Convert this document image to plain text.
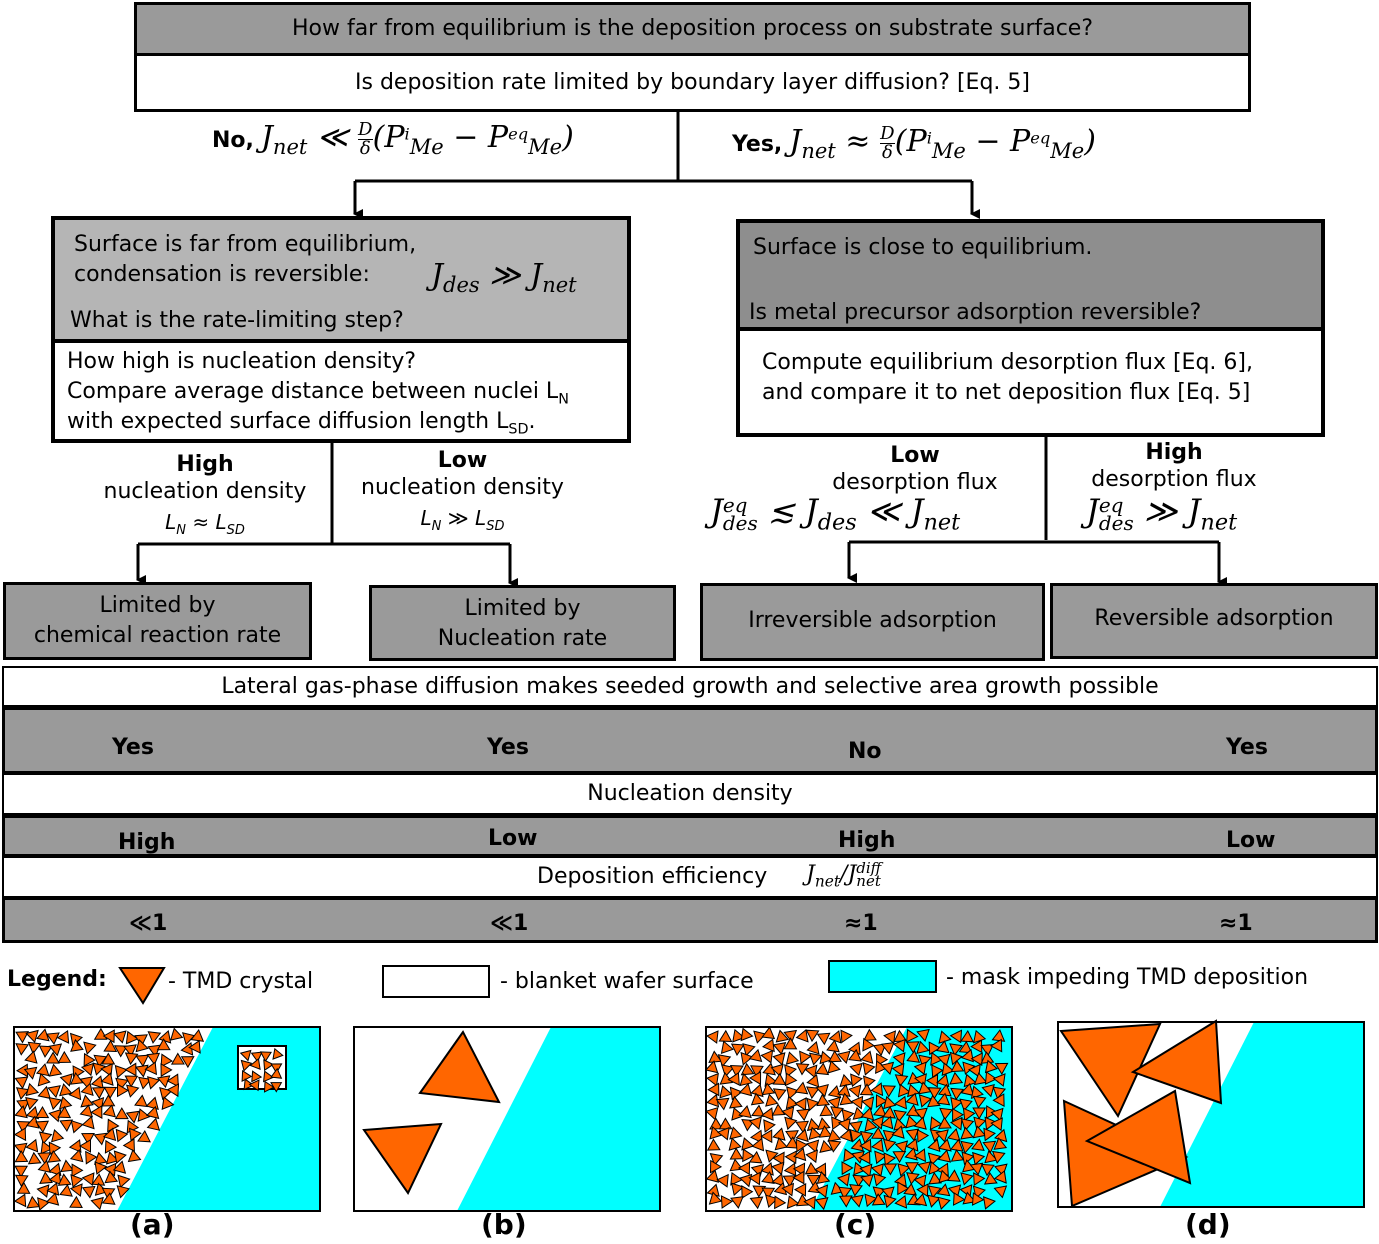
How far from equilibrium is the deposition process on substrate surface?
Is deposition rate limited by boundary layer diffusion? [Eq. 5]
No, $J_{net}$ ≪ D
$\delta(P^i_{Me} - P^{eq}_{Me})$	Yes, $J_{net} \approx D$
$\delta(P^i_{Me} - P^{eq}_{Me})$
Surface is far from equilibrium,
condensation is reversible: $J_{des}$ ≫ $J_{net}$
What is the rate-limiting step?
How high is nucleation density?
Compare average distance between nuclei $L_N$
with expected surface diffusion length $L_{SD}$.
High
nucleation density
$L_N \approx L_{SD}$
Low
nucleation density
$L_N$ ≫ $L_{SD}$
Limited by
chemical reaction rate
Limited by
Nucleation rate
Surface is close to equilibrium.
Is metal precursor adsorption reversible?
Compute equilibrium desorption flux [Eq. 6],
and compare it to net deposition flux [Eq. 5]
Low
desorption flux
J eq
des ≲ $J_{des}$ ≪ $J_{net}$
High
desorption flux
J eq
des ≫ $J_{net}$
Irreversible adsorption	Reversible adsorption
Lateral gas-phase diffusion makes seeded growth and selective area growth possible
Yes	Yes	No	Yes
Nucleation density
High	Low	High	Low
Deposition efficiency $J_{net}/J$ diff
net
≪1	≪1	≈1	≈1
Legend:	- TMD crystal	- blanket wafer surface	- mask impeding TMD deposition
(a)	(b)	(c)	(d)
